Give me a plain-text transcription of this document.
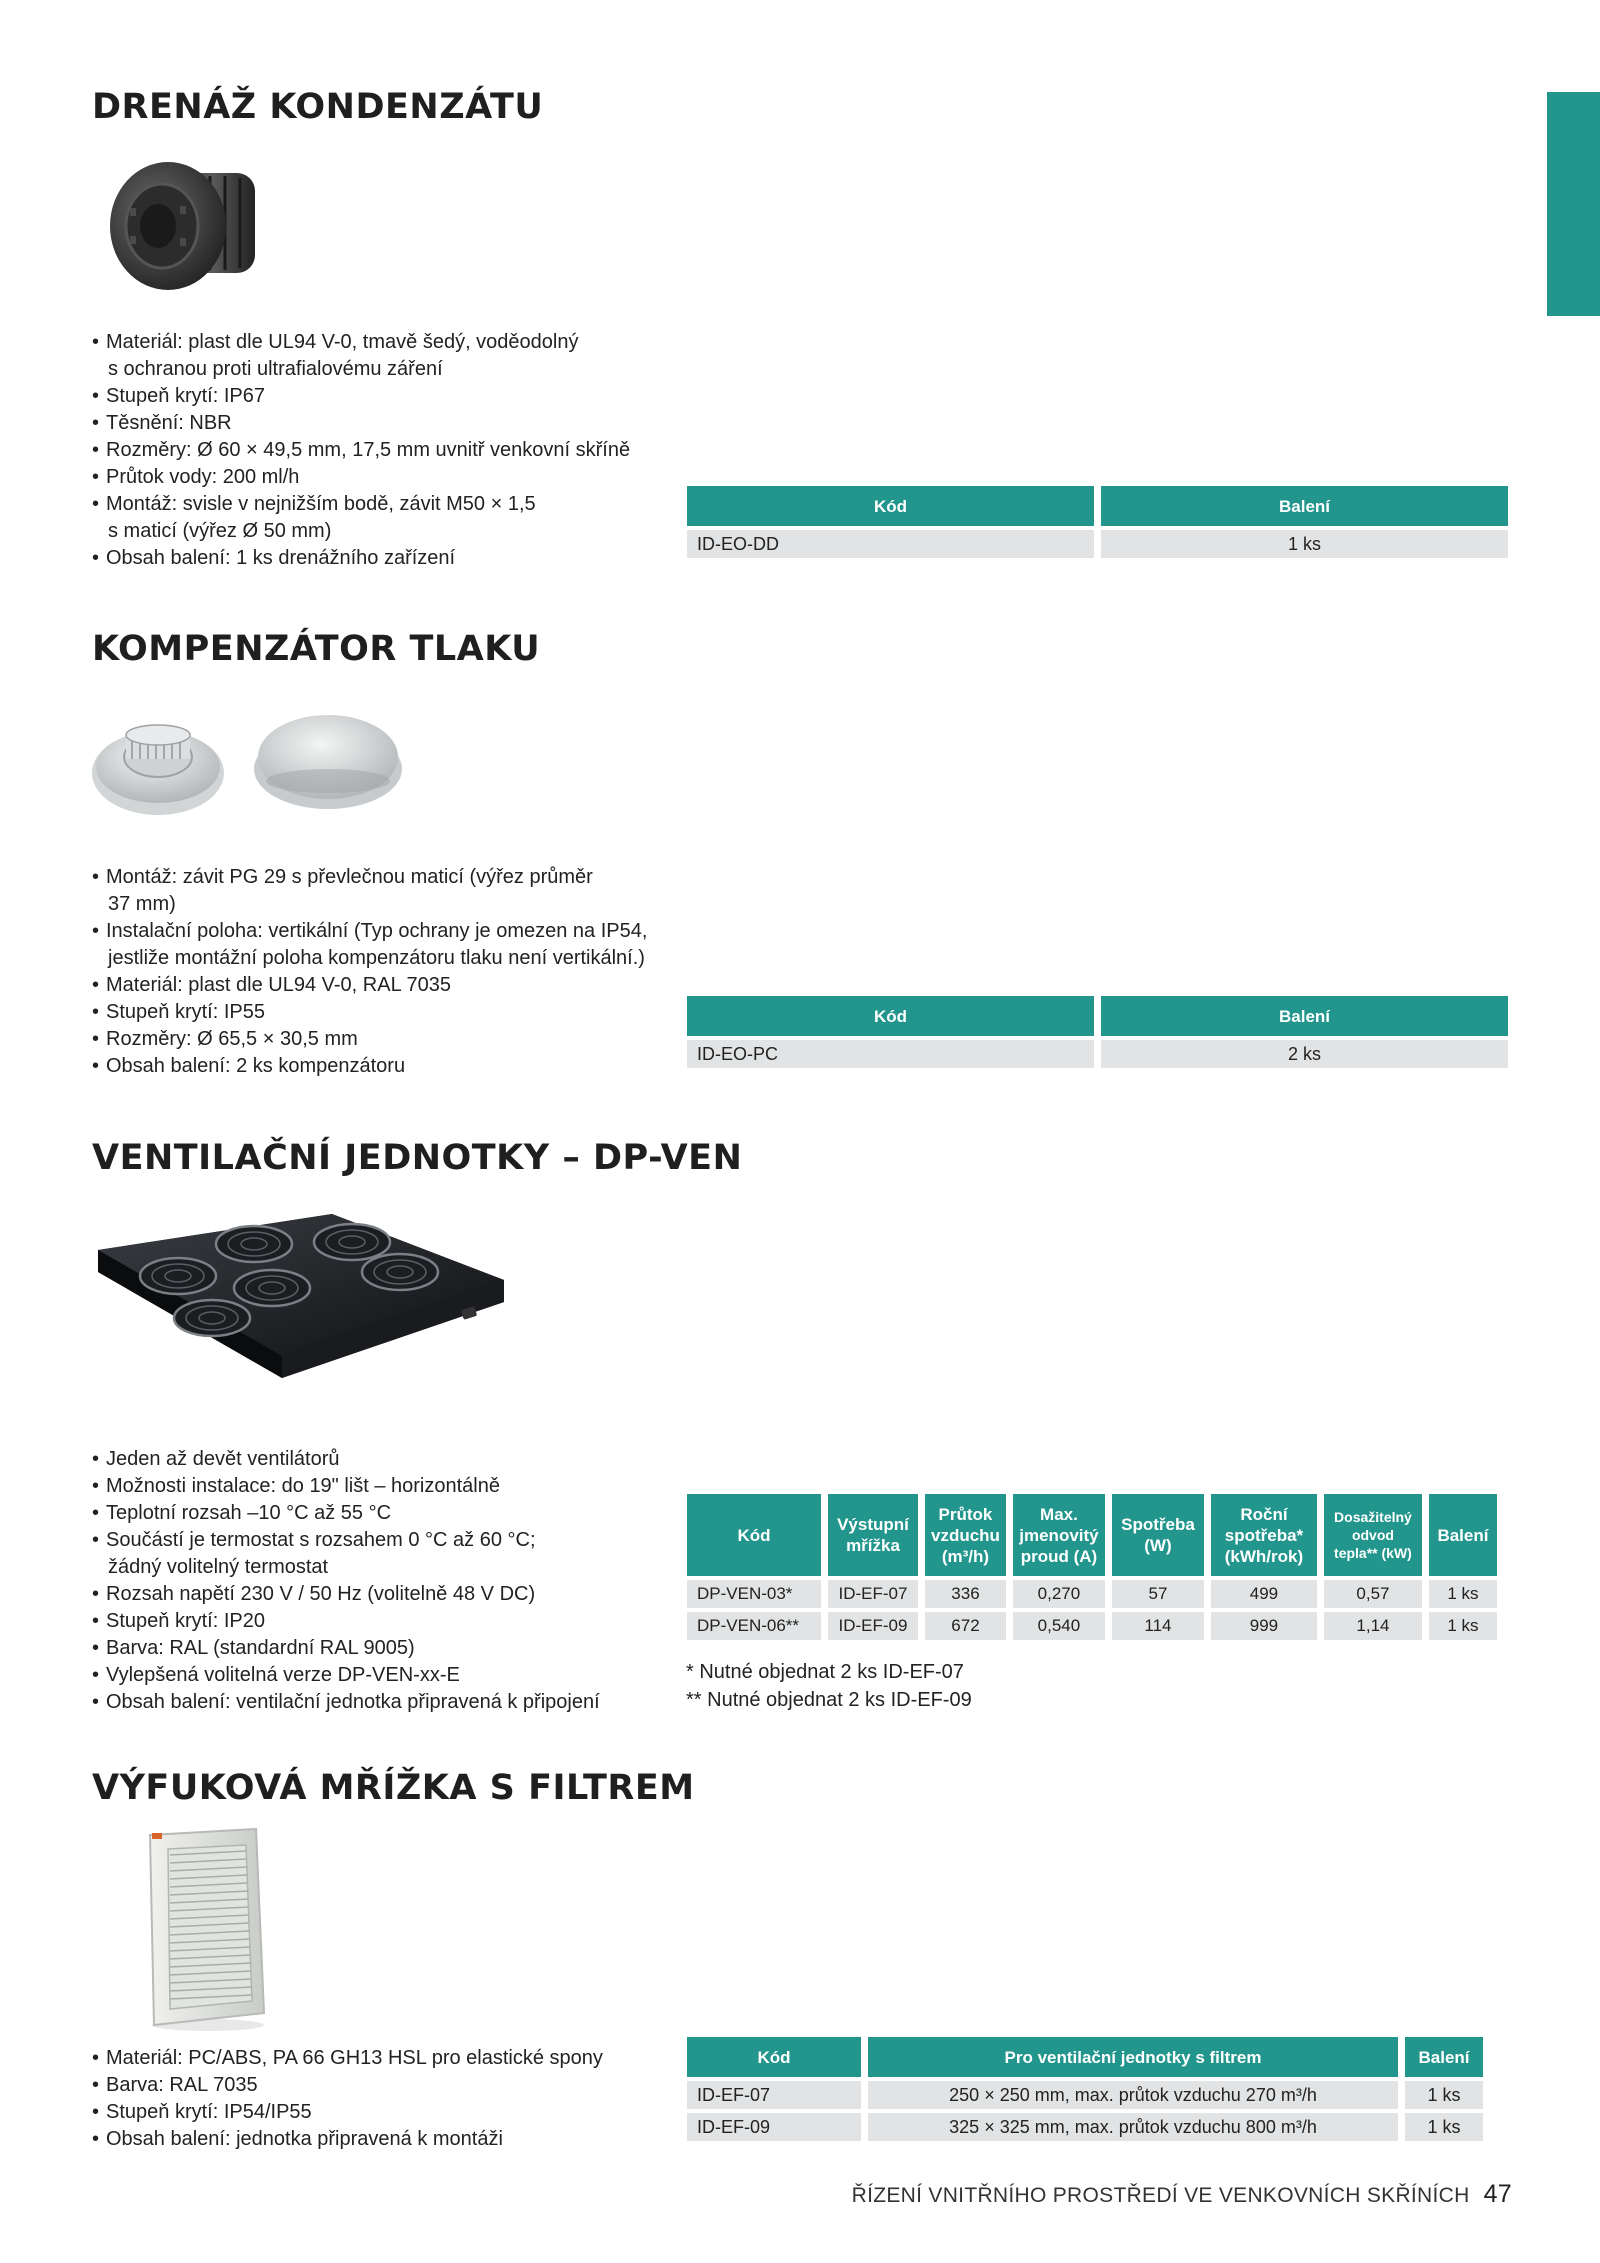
DRENÁŽ KONDENZÁTU
• Materiál: plast dle UL94 V-0, tmavě šedý, voděodolný
s ochranou proti ultrafialovému záření
• Stupeň krytí: IP67
• Těsnění: NBR
• Rozměry: Ø 60 × 49,5 mm, 17,5 mm uvnitř venkovní skříně
• Průtok vody: 200 ml/h
• Montáž: svisle v nejnižším bodě, závit M50 × 1,5
s maticí (výřez Ø 50 mm)
• Obsah balení: 1 ks drenážního zařízení
Kód	Balení
ID-EO-DD	1 ks
KOMPENZÁTOR TLAKU
• Montáž: závit PG 29 s převlečnou maticí (výřez průměr
37 mm)
• Instalační poloha: vertikální (Typ ochrany je omezen na IP54,
jestliže montážní poloha kompenzátoru tlaku není vertikální.)
• Materiál: plast dle UL94 V-0, RAL 7035
• Stupeň krytí: IP55
• Rozměry: Ø 65,5 × 30,5 mm
• Obsah balení: 2 ks kompenzátoru
Kód	Balení
ID-EO-PC	2 ks
VENTILAČNÍ JEDNOTKY – DP-VEN
• Jeden až devět ventilátorů
• Možnosti instalace: do 19" lišt – horizontálně
• Teplotní rozsah –10 °C až 55 °C
• Součástí je termostat s rozsahem 0 °C až 60 °C;
žádný volitelný termostat
• Rozsah napětí 230 V / 50 Hz (volitelně 48 V DC)
• Stupeň krytí: IP20
• Barva: RAL (standardní RAL 9005)
• Vylepšená volitelná verze DP-VEN-xx-E
• Obsah balení: ventilační jednotka připravená k připojení
Kód	Výstupní mřížka	Průtok vzduchu (m³/h)	Max. jmenovitý proud (A)	Spotřeba (W)	Roční spotřeba* (kWh/rok)	Dosažitelný odvod tepla** (kW)	Balení
DP-VEN-03*	ID-EF-07	336	0,270	57	499	0,57	1 ks
DP-VEN-06**	ID-EF-09	672	0,540	114	999	1,14	1 ks
* Nutné objednat 2 ks ID-EF-07
** Nutné objednat 2 ks ID-EF-09
VÝFUKOVÁ MŘÍŽKA S FILTREM
• Materiál: PC/ABS, PA 66 GH13 HSL pro elastické spony
• Barva: RAL 7035
• Stupeň krytí: IP54/IP55
• Obsah balení: jednotka připravená k montáži
Kód	Pro ventilační jednotky s filtrem	Balení
ID-EF-07	250 × 250 mm, max. průtok vzduchu 270 m³/h	1 ks
ID-EF-09	325 × 325 mm, max. průtok vzduchu 800 m³/h	1 ks
ŘÍZENÍ VNITŘNÍHO PROSTŘEDÍ VE VENKOVNÍCH SKŘÍNÍCH 47
